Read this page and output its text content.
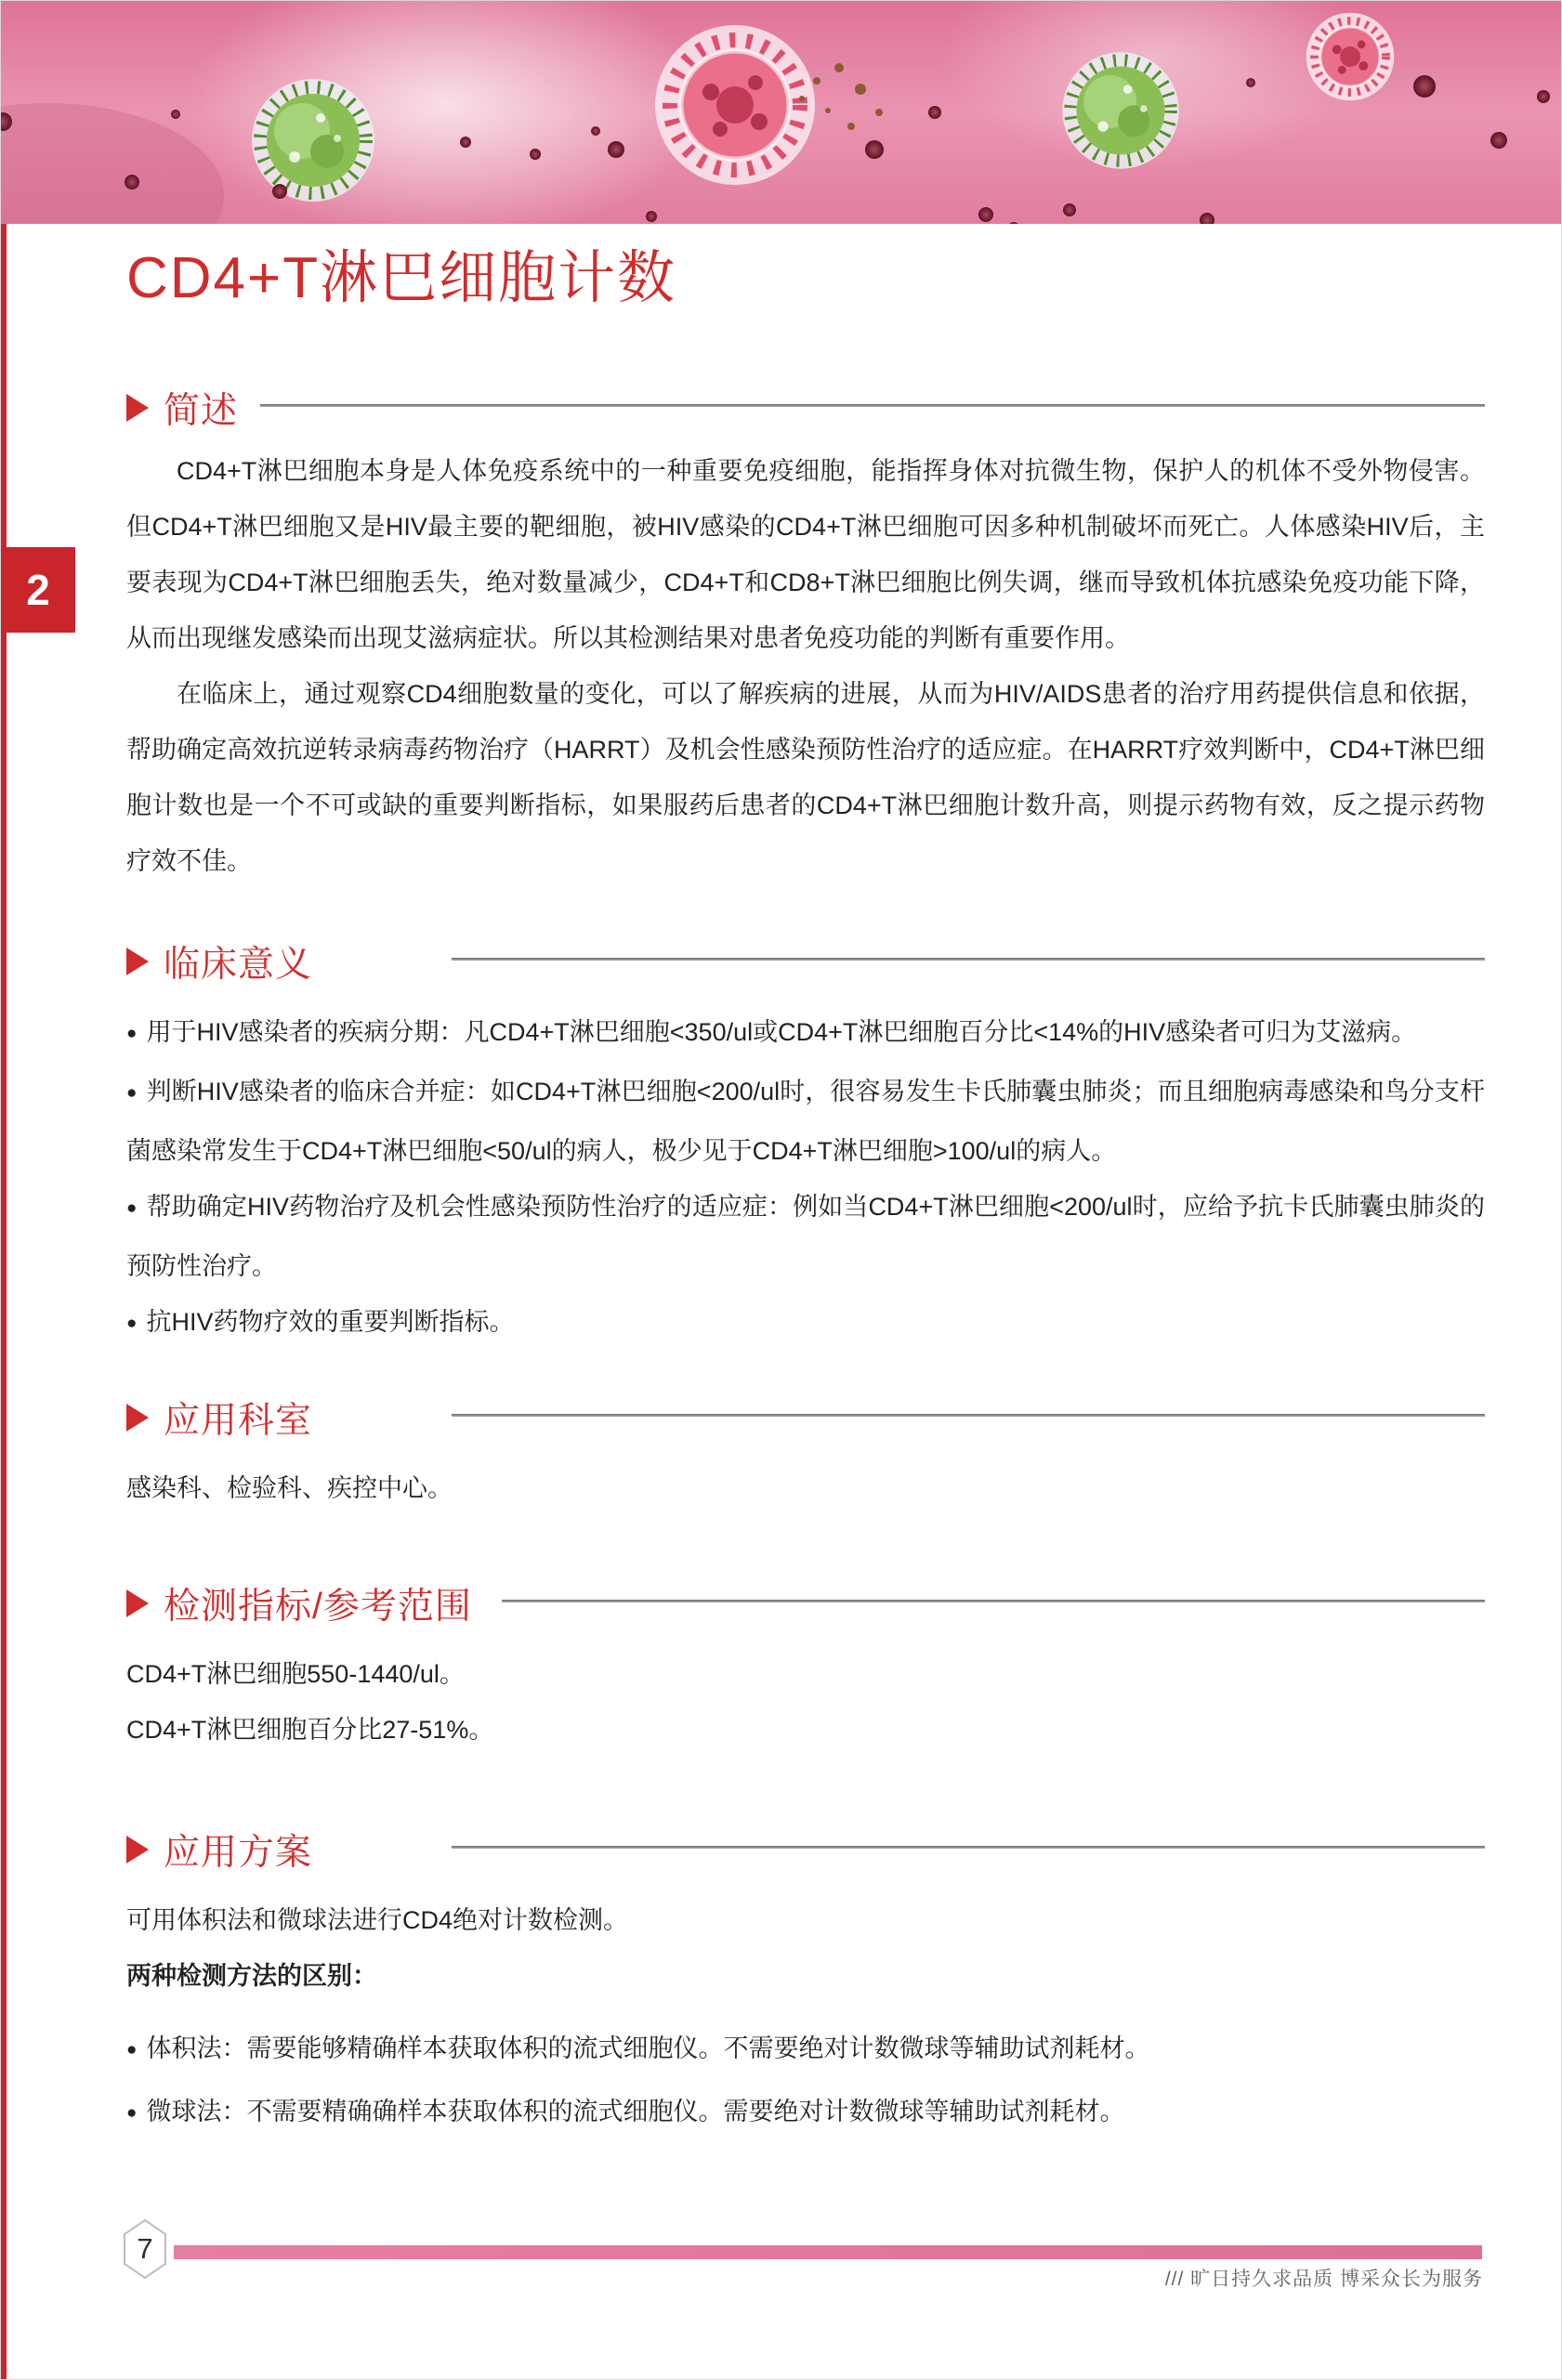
2
CD4+T淋巴细胞计数
简述

CD4+T淋巴细胞本身是人体免疫系统中的一种重要免疫细胞，能指挥身体对抗微生物，保护人的机体不受外物侵害。但CD4+T淋巴细胞又是HIV最主要的靶细胞，被HIV感染的CD4+T淋巴细胞可因多种机制破坏而死亡。人体感染HIV后，主要表现为CD4+T淋巴细胞丢失，绝对数量减少，CD4+T和CD8+T淋巴细胞比例失调，继而导致机体抗感染免疫功能下降，从而出现继发感染而出现艾滋病症状。所以其检测结果对患者免疫功能的判断有重要作用。

在临床上，通过观察CD4细胞数量的变化，可以了解疾病的进展，从而为HIV/AIDS患者的治疗用药提供信息和依据，帮助确定高效抗逆转录病毒药物治疗（HARRT）及机会性感染预防性治疗的适应症。在HARRT疗效判断中，CD4+T淋巴细胞计数也是一个不可或缺的重要判断指标，如果服药后患者的CD4+T淋巴细胞计数升高，则提示药物有效，反之提示药物疗效不佳。

临床意义
● 用于HIV感染者的疾病分期：凡CD4+T淋巴细胞<350/ul或CD4+T淋巴细胞百分比<14%的HIV感染者可归为艾滋病。
● 判断HIV感染者的临床合并症：如CD4+T淋巴细胞<200/ul时，很容易发生卡氏肺囊虫肺炎；而且细胞病毒感染和鸟分支杆菌感染常发生于CD4+T淋巴细胞<50/ul的病人，极少见于CD4+T淋巴细胞>100/ul的病人。
● 帮助确定HIV药物治疗及机会性感染预防性治疗的适应症：例如当CD4+T淋巴细胞<200/ul时，应给予抗卡氏肺囊虫肺炎的预防性治疗。
● 抗HIV药物疗效的重要判断指标。
应用科室

感染科、检验科、疾控中心。

检测指标/参考范围

CD4+T淋巴细胞550-1440/ul。

CD4+T淋巴细胞百分比27-51%。

应用方案

可用体积法和微球法进行CD4绝对计数检测。

两种检测方法的区别：

● 体积法：需要能够精确样本获取体积的流式细胞仪。不需要绝对计数微球等辅助试剂耗材。
● 微球法：不需要精确确样本获取体积的流式细胞仪。需要绝对计数微球等辅助试剂耗材。
7
/// 旷日持久求品质 博采众长为服务
